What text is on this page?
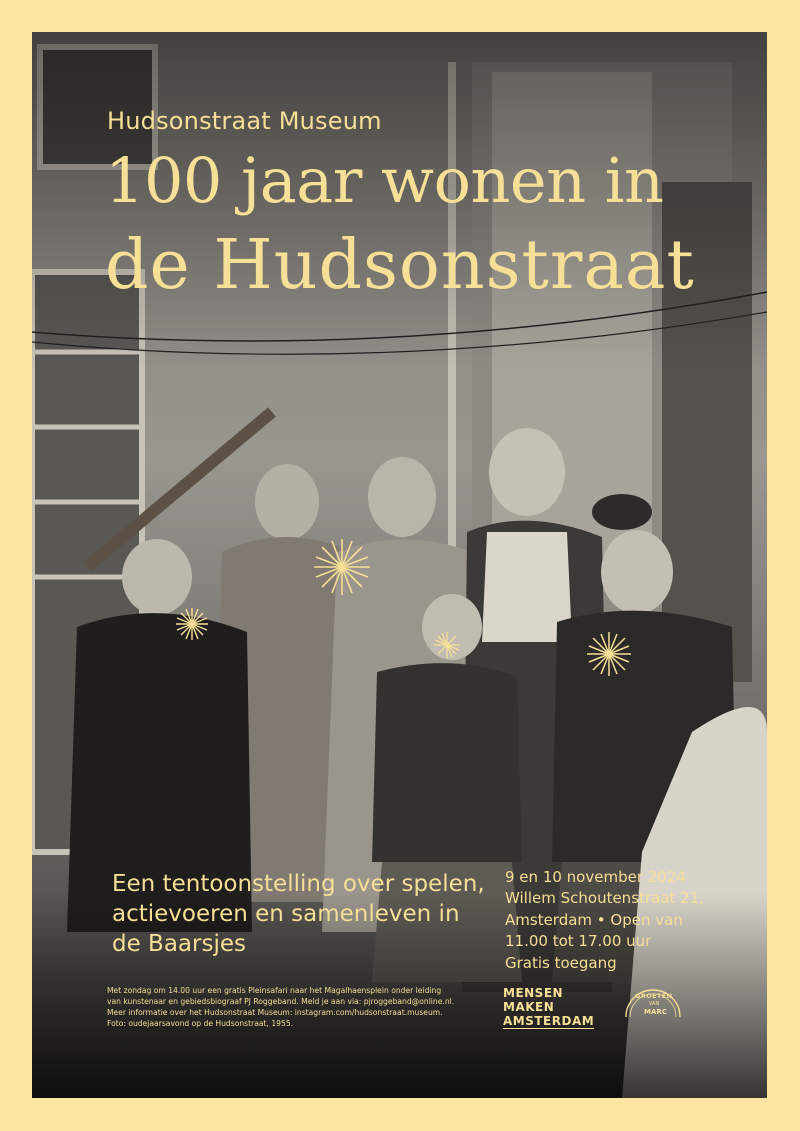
Hudsonstraat Museum
100 jaar wonen in
de Hudsonstraat
Een tentoonstelling over spelen, actievoeren en samenleven in de Baarsjes
9 en 10 november 2024
Willem Schoutenstraat 21,
Amsterdam • Open van
11.00 tot 17.00 uur
Gratis toegang
Met zondag om 14.00 uur een gratis Pleinsafari naar het Magalhaensplein onder leiding
van kunstenaar en gebiedsbiograaf PJ Roggeband. Meld je aan via: pjroggeband@online.nl.
Meer informatie over het Hudsonstraat Museum: instagram.com/hudsonstraat.museum.
Foto: oudejaarsavond op de Hudsonstraat, 1955.
MENSEN
MAKEN
AMSTERDAM
GROETEN
VAN
MARC
